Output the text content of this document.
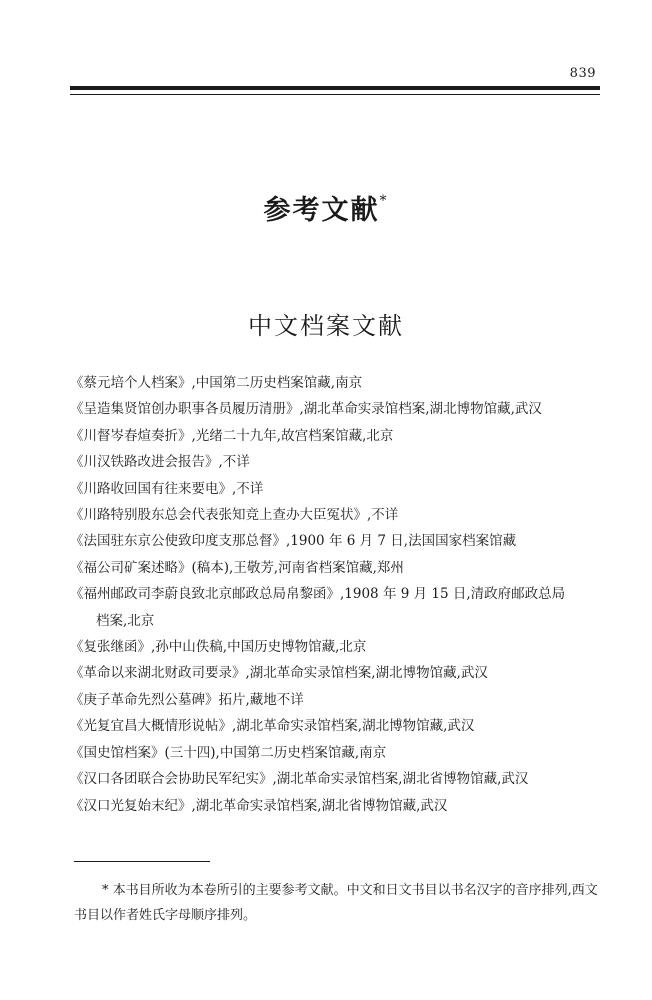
839
参考文献*
中文档案文献
《蔡元培个人档案》,中国第二历史档案馆藏,南京
《呈造集贤馆创办职事各员履历清册》,湖北革命实录馆档案,湖北博物馆藏,武汉
《川督岑春煊奏折》,光绪二十九年,故宫档案馆藏,北京
《川汉铁路改进会报告》,不详
《川路收回国有往来要电》,不详
《川路特别股东总会代表张知竞上查办大臣冤状》,不详
《法国驻东京公使致印度支那总督》,1900 年 6 月 7 日,法国国家档案馆藏
《福公司矿案述略》(稿本),王敬芳,河南省档案馆藏,郑州
《福州邮政司李蔚良致北京邮政总局帛黎函》,1908 年 9 月 15 日,清政府邮政总局
档案,北京
《复张继函》,孙中山佚稿,中国历史博物馆藏,北京
《革命以来湖北财政司要录》,湖北革命实录馆档案,湖北博物馆藏,武汉
《庚子革命先烈公墓碑》拓片,藏地不详
《光复宜昌大概情形说帖》,湖北革命实录馆档案,湖北博物馆藏,武汉
《国史馆档案》(三十四),中国第二历史档案馆藏,南京
《汉口各团联合会协助民军纪实》,湖北革命实录馆档案,湖北省博物馆藏,武汉
《汉口光复始末纪》,湖北革命实录馆档案,湖北省博物馆藏,武汉
* 本书目所收为本卷所引的主要参考文献。中文和日文书目以书名汉字的音序排列,西文书目以作者姓氏字母顺序排列。
